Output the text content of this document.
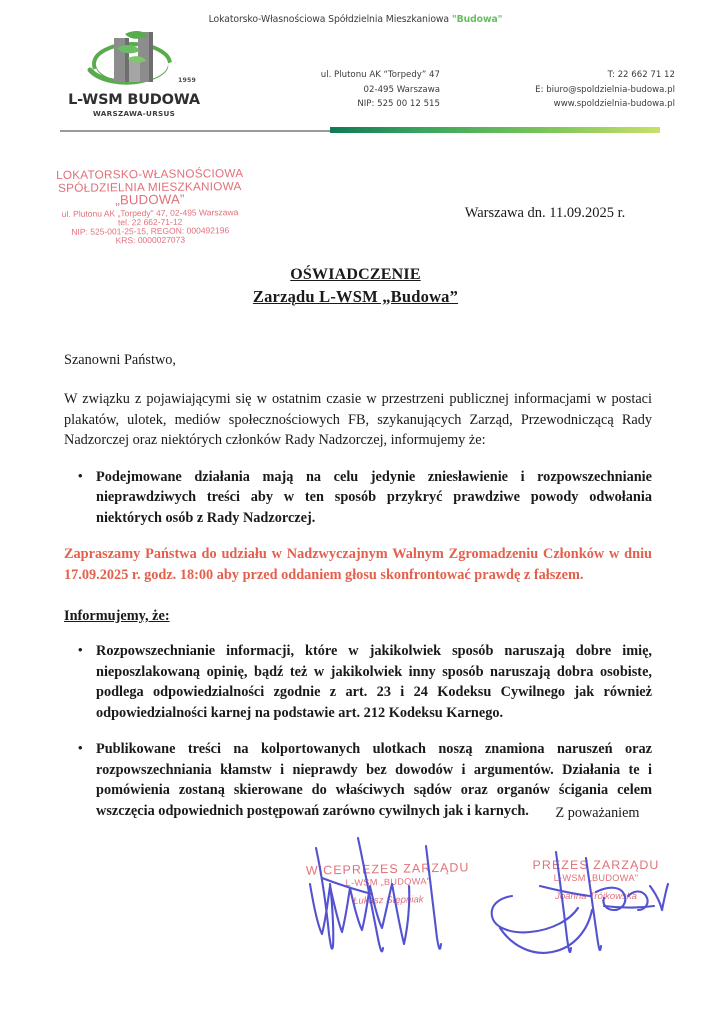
Lokatorsko-Własnościowa Spółdzielnia Mieszkaniowa "Budowa"
1959
L-WSM BUDOWA
WARSZAWA-URSUS
ul. Plutonu AK “Torpedy” 47
02-495 Warszawa
NIP: 525 00 12 515
T: 22 662 71 12
E: biuro@spoldzielnia-budowa.pl
www.spoldzielnia-budowa.pl
LOKATORSKO-WŁASNOŚCIOWA
SPÓŁDZIELNIA MIESZKANIOWA
„BUDOWA”
ul. Plutonu AK „Torpedy" 47, 02-495 Warszawa
tel. 22 662-71-12
NIP: 525-001-25-15, REGON: 000492196
KRS: 0000027073
Warszawa dn. 11.09.2025 r.
OŚWIADCZENIE
Zarządu L-WSM „Budowa”
Szanowni Państwo,

W związku z pojawiającymi się w ostatnim czasie w przestrzeni publicznej informacjami w postaci plakatów, ulotek, mediów społecznościowych FB, szykanujących Zarząd, Przewodniczącą Rady Nadzorczej oraz niektórych członków Rady Nadzorczej, informujemy że:

• Podejmowane działania mają na celu jedynie zniesławienie i rozpowszechnianie nieprawdziwych treści aby w ten sposób przykryć prawdziwe powody odwołania niektórych osób z Rady Nadzorczej.

Zapraszamy Państwa do udziału w Nadzwyczajnym Walnym Zgromadzeniu Członków w dniu 17.09.2025 r. godz. 18:00 aby przed oddaniem głosu skonfrontować prawdę z fałszem.

Informujemy, że:
• Rozpowszechnianie informacji, które w jakikolwiek sposób naruszają dobre imię, nieposzlakowaną opinię, bądź też w jakikolwiek inny sposób naruszają dobra osobiste, podlega odpowiedzialności zgodnie z art. 23 i 24 Kodeksu Cywilnego jak również odpowiedzialności karnej na podstawie art. 212 Kodeksu Karnego.
• Publikowane treści na kolportowanych ulotkach noszą znamiona naruszeń oraz rozpowszechniania kłamstw i nieprawdy bez dowodów i argumentów. Działania te i pomówienia zostaną skierowane do właściwych sądów oraz organów ścigania celem wszczęcia odpowiednich postępowań zarówno cywilnych jak i karnych.	Z poważaniem
WICEPREZES ZARZĄDU
L-WSM „BUDOWA"
Łukasz Stępniak
PREZES ZARZĄDU
L-WSM „BUDOWA"
Joanna Trójkowska
